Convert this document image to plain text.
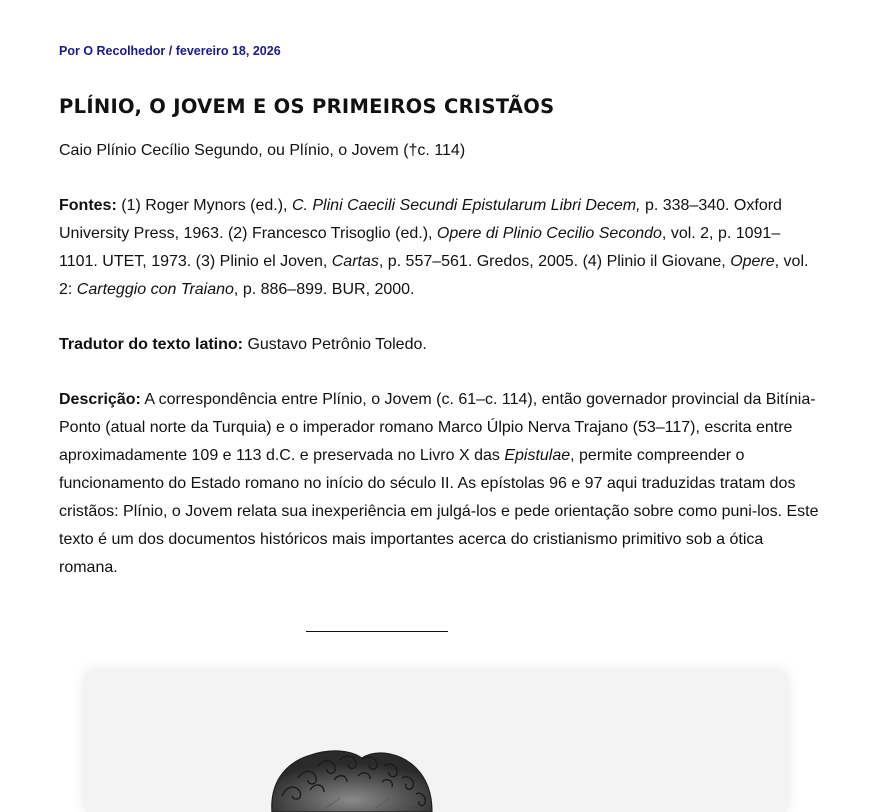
Por O Recolhedor / fevereiro 18, 2026
PLÍNIO, O JOVEM E OS PRIMEIROS CRISTÃOS

Caio Plínio Cecílio Segundo, ou Plínio, o Jovem (†c. 114)

Fontes: (1) Roger Mynors (ed.), C. Plini Caecili Secundi Epistularum Libri Decem, p. 338–340. Oxford University Press, 1963. (2) Francesco Trisoglio (ed.), Opere di Plinio Cecilio Secondo, vol. 2, p. 1091–1101. UTET, 1973. (3) Plinio el Joven, Cartas, p. 557–561. Gredos, 2005. (4) Plinio il Giovane, Opere, vol. 2: Carteggio con Traiano, p. 886–899. BUR, 2000.

Tradutor do texto latino: Gustavo Petrônio Toledo.

Descrição: A correspondência entre Plínio, o Jovem (c. 61–c. 114), então governador provincial da Bitínia-Ponto (atual norte da Turquia) e o imperador romano Marco Úlpio Nerva Trajano (53–117), escrita entre aproximadamente 109 e 113 d.C. e preservada no Livro X das Epistulae, permite compreender o funcionamento do Estado romano no início do século II. As epístolas 96 e 97 aqui traduzidas tratam dos cristãos: Plínio, o Jovem relata sua inexperiência em julgá-los e pede orientação sobre como puni-los. Este texto é um dos documentos históricos mais importantes acerca do cristianismo primitivo sob a ótica romana.
